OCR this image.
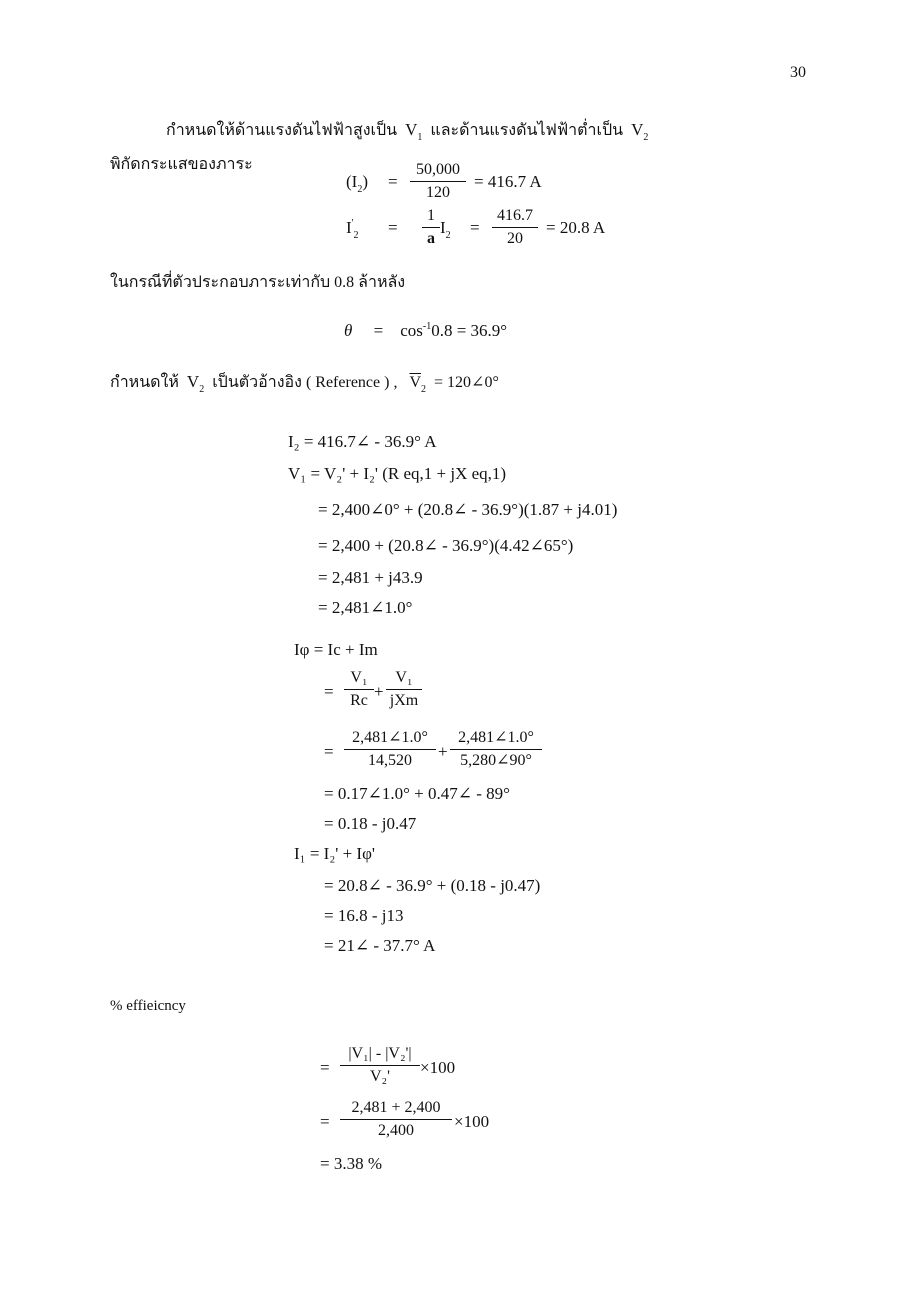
30
กำหนดให้ด้านแรงดันไฟฟ้าสูงเป็น $V_1$ และด้านแรงดันไฟฟ้าต่ำเป็น $V_2$
พิกัดกระแสของภาระ
$(I_2)$ =
50,000
120
= 416.7 A
$I'_2$ =
1
a
$I_2$ =
416.7
20
= 20.8 A
ในกรณีที่ตัวประกอบภาระเท่ากับ 0.8 ล้าหลัง
$\theta = \cos^{-1}0.8 = 36.9^\circ$
กำหนดให้ $V_2$ เป็นตัวอ้างอิง ( Reference ) , $\overline{V}_2$ = 120∠0°
I₂ = 416.7∠ - 36.9° A
V₁ = V₂' + I₂' (R eq,1 + jX eq,1)
= 2,400∠0° + (20.8∠ - 36.9°)(1.87 + j4.01)
= 2,400 + (20.8∠ - 36.9°)(4.42∠65°)
= 2,481 + j43.9
= 2,481∠1.0°
Iφ = Ic + Im
=
V₁
Rc +
V₁
jXm
=
2,481∠1.0°
14,520	+
2,481∠1.0°
5,280∠90°
= 0.17∠1.0° + 0.47∠ - 89°
= 0.18 - j0.47
I₁ = I₂' + Iφ'
= 20.8∠ - 36.9° + (0.18 - j0.47)
= 16.8 - j13
= 21∠ - 37.7° A
% effieicncy
=
|V₁| - |V₂'|
V₂'	×100
=
2,481 + 2,400
2,400	×100
= 3.38 %
